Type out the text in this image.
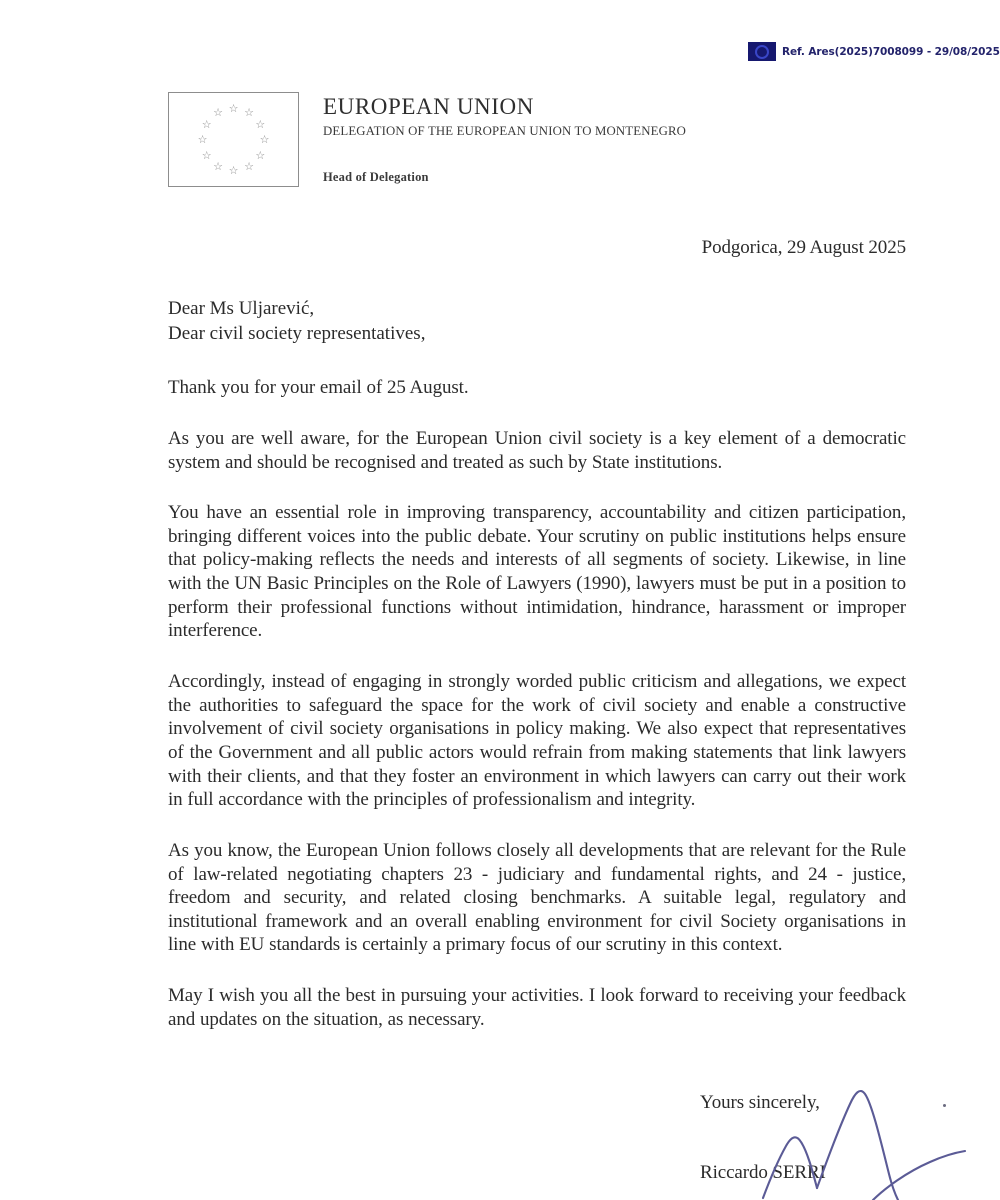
Ref. Ares(2025)7008099 - 29/08/2025
☆ ☆
☆
☆
☆
☆
☆
☆
☆
☆
☆
☆	EUROPEAN UNION
DELEGATION OF THE EUROPEAN UNION TO MONTENEGRO
Head of Delegation
Podgorica, 29 August 2025
Dear Ms Uljarević,
Dear civil society representatives,

Thank you for your email of 25 August.

As you are well aware, for the European Union civil society is a key element of a democratic system and should be recognised and treated as such by State institutions.

You have an essential role in improving transparency, accountability and citizen participation, bringing different voices into the public debate. Your scrutiny on public institutions helps ensure that policy-making reflects the needs and interests of all segments of society. Likewise, in line with the UN Basic Principles on the Role of Lawyers (1990), lawyers must be put in a position to perform their professional functions without intimidation, hindrance, harassment or improper interference.

Accordingly, instead of engaging in strongly worded public criticism and allegations, we expect the authorities to safeguard the space for the work of civil society and enable a constructive involvement of civil society organisations in policy making. We also expect that representatives of the Government and all public actors would refrain from making statements that link lawyers with their clients, and that they foster an environment in which lawyers can carry out their work in full accordance with the principles of professionalism and integrity.

As you know, the European Union follows closely all developments that are relevant for the Rule of law-related negotiating chapters 23 - judiciary and fundamental rights, and 24 - justice, freedom and security, and related closing benchmarks. A suitable legal, regulatory and institutional framework and an overall enabling environment for civil Society organisations in line with EU standards is certainly a primary focus of our scrutiny in this context.

May I wish you all the best in pursuing your activities. I look forward to receiving your feedback and updates on the situation, as necessary.

Yours sincerely,
Riccardo SERRI
